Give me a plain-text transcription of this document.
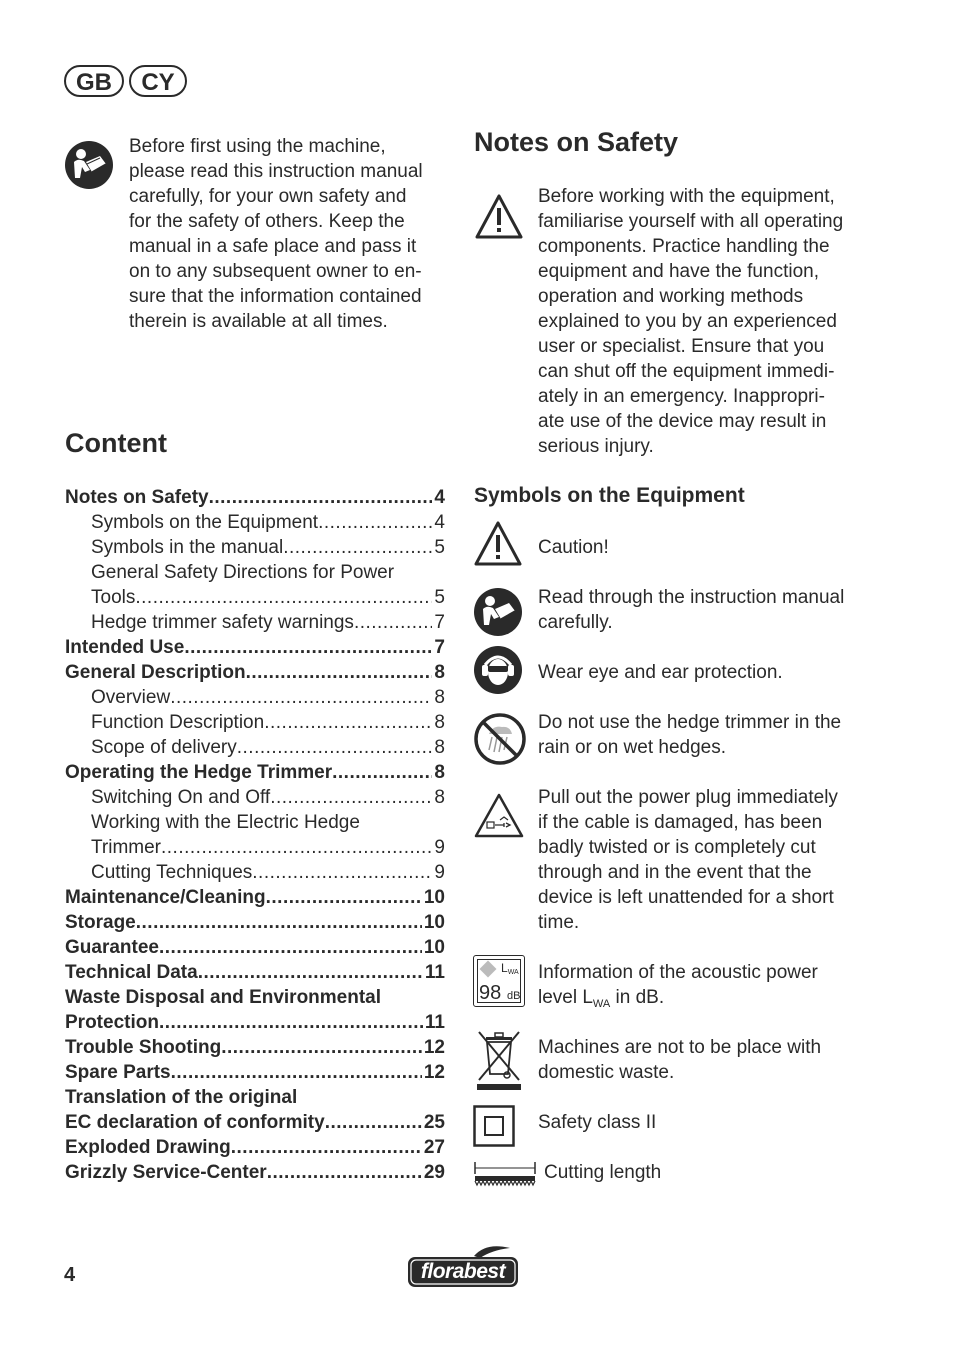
GB	CY
Before first using the machine,
please read this instruction manual
carefully, for your own safety and
for the safety of others. Keep the
manual in a safe place and pass it
on to any subsequent owner to en-
sure that the information contained
therein is available at all times.
Content
Notes on Safety .....	4
Symbols on the Equipment .....	4
Symbols in the manual .....	5
General Safety Directions for Power
Tools .....	5
Hedge trimmer safety warnings .....	7
Intended Use .....	7
General Description .....	8
Overview .....	8
Function Description .....	8
Scope of delivery .....	8
Operating the Hedge Trimmer .....	8
Switching On and Off .....	8
Working with the Electric Hedge
Trimmer .....	9
Cutting Techniques .....	9
Maintenance/Cleaning .....	10
Storage .....	10
Guarantee .....	10
Technical Data .....	11
Waste Disposal and Environmental
Protection .....	11
Trouble Shooting .....	12
Spare Parts .....	12
Translation of the original
EC declaration of conformity .....	25
Exploded Drawing .....	27
Grizzly Service-Center .....	29
Notes on Safety
Before working with the equipment,
familiarise yourself with all operating
components. Practice handling the
equipment and have the function,
operation and working methods
explained to you by an experienced
user or specialist. Ensure that you
can shut off the equipment immedi-
ately in an emergency. Inappropri-
ate use of the device may result in
serious injury.
Symbols on the Equipment
Caution!
Read through the instruction manual
carefully.
Wear eye and ear protection.
Do not use the hedge trimmer in the
rain or on wet hedges.
Pull out the power plug immediately
if the cable is damaged, has been
badly twisted or is completely cut
through and in the event that the
device is left unattended for a short
time.
$L_{WA}$
98 dB
Information of the acoustic power
level $L_{WA}$ in dB.
Machines are not to be place with
domestic waste.
Safety class II
Cutting length
4	florabest
